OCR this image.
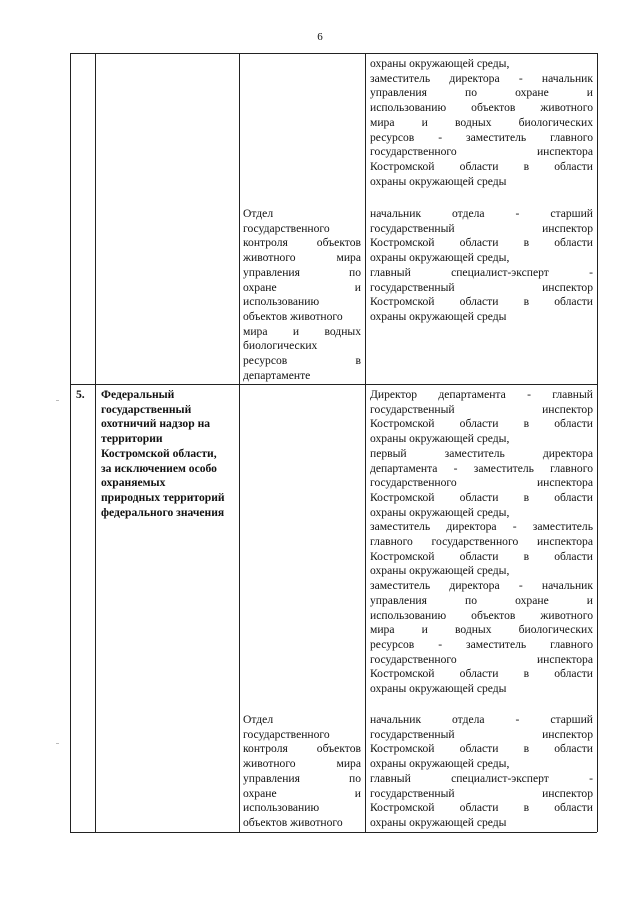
6
охраны окружающей среды,
заместитель директора - начальник
управления по охране и
использованию объектов животного
мира и водных биологических
ресурсов - заместитель главного
государственного инспектора
Костромской области в области
охраны окружающей среды
Отдел
государственного
контроля объектов
животного мира
управления по
охране и
использованию
объектов животного
мира и водных
биологических
ресурсов в
департаменте
начальник отдела - старший
государственный инспектор
Костромской области в области
охраны окружающей среды,
главный специалист-эксперт -
государственный инспектор
Костромской области в области
охраны окружающей среды
5. Федеральный
государственный
охотничий надзор на
территории
Костромской области,
за исключением особо
охраняемых
природных территорий
федерального значения
Директор департамента - главный
государственный инспектор
Костромской области в области
охраны окружающей среды,
первый заместитель директора
департамента - заместитель главного
государственного инспектора
Костромской области в области
охраны окружающей среды,
заместитель директора - заместитель
главного государственного инспектора
Костромской области в области
охраны окружающей среды,
заместитель директора - начальник
управления по охране и
использованию объектов животного
мира и водных биологических
ресурсов - заместитель главного
государственного инспектора
Костромской области в области
охраны окружающей среды
Отдел
государственного
контроля объектов
животного мира
управления по
охране и
использованию
объектов животного
начальник отдела - старший
государственный инспектор
Костромской области в области
охраны окружающей среды,
главный специалист-эксперт -
государственный инспектор
Костромской области в области
охраны окружающей среды
